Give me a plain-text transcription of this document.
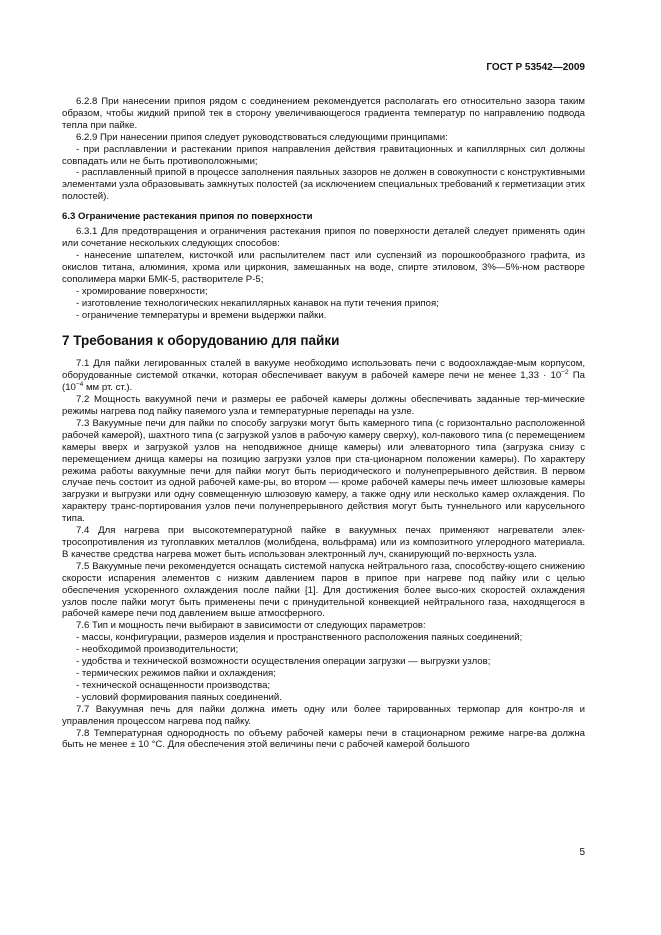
ГОСТ Р 53542—2009

6.2.8 При нанесении припоя рядом с соединением рекомендуется располагать его относительно зазора таким образом, чтобы жидкий припой тек в сторону увеличивающегося градиента температур по направлению подвода тепла при пайке.

6.2.9 При нанесении припоя следует руководствоваться следующими принципами:

- при расплавлении и растекании припоя направления действия гравитационных и капиллярных сил должны совпадать или не быть противоположными;

- расплавленный припой в процессе заполнения паяльных зазоров не должен в совокупности с конструктивными элементами узла образовывать замкнутых полостей (за исключением специальных требований к герметизации этих полостей).

6.3 Ограничение растекания припоя по поверхности

6.3.1 Для предотвращения и ограничения растекания припоя по поверхности деталей следует применять один или сочетание нескольких следующих способов:

- нанесение шпателем, кисточкой или распылителем паст или суспензий из порошкообразного графита, из окислов титана, алюминия, хрома или циркония, замешанных на воде, спирте этиловом, 3%—5%-ном растворе сополимера марки БМК-5, растворителе Р-5;

- хромирование поверхности;

- изготовление технологических некапиллярных канавок на пути течения припоя;

- ограничение температуры и времени выдержки пайки.

7 Требования к оборудованию для пайки

7.1 Для пайки легированных сталей в вакууме необходимо использовать печи с водоохлаждае-мым корпусом, оборудованные системой откачки, которая обеспечивает вакуум в рабочей камере печи не менее $1,33 \cdot 10^{-2}$ Па ($10^{-4}$ мм рт. ст.).

7.2 Мощность вакуумной печи и размеры ее рабочей камеры должны обеспечивать заданные тер-мические режимы нагрева под пайку паяемого узла и температурные перепады на узле.

7.3 Вакуумные печи для пайки по способу загрузки могут быть камерного типа (с горизонтально расположенной рабочей камерой), шахтного типа (с загрузкой узлов в рабочую камеру сверху), кол-пакового типа (с перемещением камеры вверх и загрузкой узлов на неподвижное днище камеры) или элеваторного типа (загрузка снизу с перемещением днища камеры на позицию загрузки узлов при ста-ционарном положении камеры). По характеру режима работы вакуумные печи для пайки могут быть периодического и полунепрерывного действия. В первом случае печь состоит из одной рабочей каме-ры, во втором — кроме рабочей камеры печь имеет шлюзовые камеры загрузки и выгрузки или одну совмещенную шлюзовую камеру, а также одну или несколько камер охлаждения. По характеру транс-портирования узлов печи полунепрерывного действия могут быть туннельного или карусельного типа.

7.4 Для нагрева при высокотемпературной пайке в вакуумных печах применяют нагреватели элек-тросопротивления из тугоплавких металлов (молибдена, вольфрама) или из композитного углеродного материала. В качестве средства нагрева может быть использован электронный луч, сканирующий по-верхность узла.

7.5 Вакуумные печи рекомендуется оснащать системой напуска нейтрального газа, способству-ющего снижению скорости испарения элементов с низким давлением паров в припое при нагреве под пайку или с целью обеспечения ускоренного охлаждения после пайки [1]. Для достижения более высо-ких скоростей охлаждения узлов после пайки могут быть применены печи с принудительной конвекцией нейтрального газа, находящегося в рабочей камере печи под давлением выше атмосферного.

7.6 Тип и мощность печи выбирают в зависимости от следующих параметров:

- массы, конфигурации, размеров изделия и пространственного расположения паяных соединений;

- необходимой производительности;

- удобства и технической возможности осуществления операции загрузки — выгрузки узлов;

- термических режимов пайки и охлаждения;

- технической оснащенности производства;

- условий формирования паяных соединений.

7.7 Вакуумная печь для пайки должна иметь одну или более тарированных термопар для контро-ля и управления процессом нагрева под пайку.

7.8 Температурная однородность по объему рабочей камеры печи в стационарном режиме нагре-ва должна быть не менее ± 10 °С. Для обеспечения этой величины печи с рабочей камерой большого

5
